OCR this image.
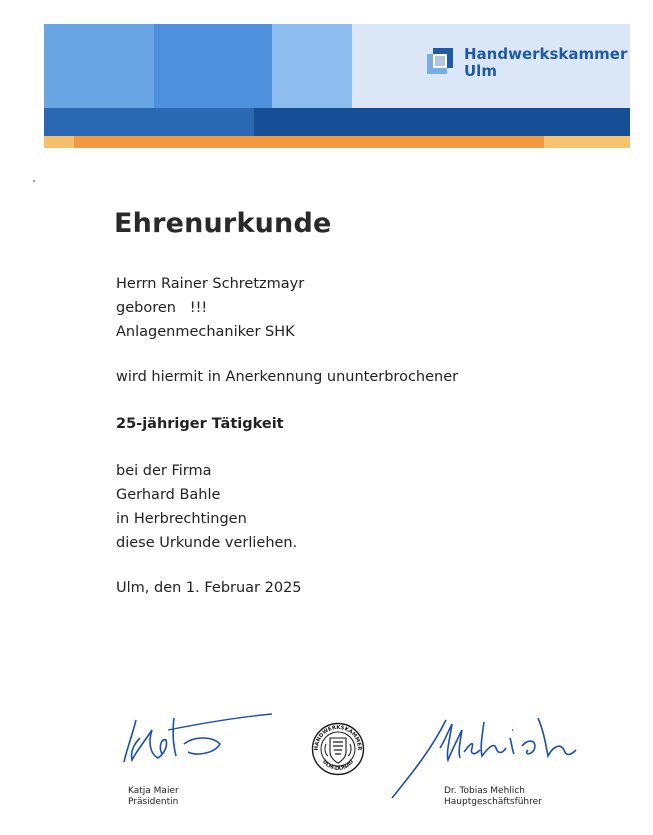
Handwerkskammer
Ulm
Ehrenurkunde
Herrn Rainer Schretzmayr
geboren   !!!
Anlagenmechaniker SHK
wird hiermit in Anerkennung ununterbrochener
25-jähriger Tätigkeit
bei der Firma
Gerhard Bahle
in Herbrechtingen
diese Urkunde verliehen.
Ulm, den 1. Februar 2025
Katja Maier
Präsidentin
HANDWERKSKAMMER
ULM-DONAU
Dr. Tobias Mehlich
Hauptgeschäftsführer
